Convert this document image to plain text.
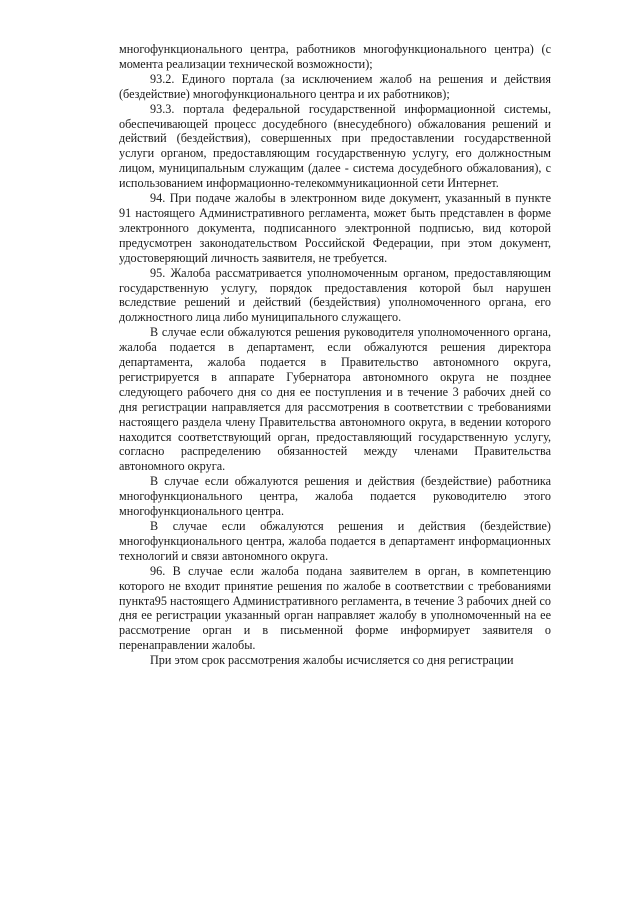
многофункционального центра, работников многофункционального центра) (с момента реализации технической возможности);

93.2. Единого портала (за исключением жалоб на решения и действия (бездействие) многофункционального центра и их работников);

93.3. портала федеральной государственной информационной системы, обеспечивающей процесс досудебного (внесудебного) обжалования решений и действий (бездействия), совершенных при предоставлении государственной услуги органом, предоставляющим государственную услугу, его должностным лицом, муниципальным служащим (далее - система досудебного обжалования), с использованием информационно-телекоммуникационной сети Интернет.

94. При подаче жалобы в электронном виде документ, указанный в пункте 91 настоящего Административного регламента, может быть представлен в форме электронного документа, подписанного электронной подписью, вид которой предусмотрен законодательством Российской Федерации, при этом документ, удостоверяющий личность заявителя, не требуется.

95. Жалоба рассматривается уполномоченным органом, предоставляющим государственную услугу, порядок предоставления которой был нарушен вследствие решений и действий (бездействия) уполномоченного органа, его должностного лица либо муниципального служащего.

В случае если обжалуются решения руководителя уполномоченного органа, жалоба подается в департамент, если обжалуются решения директора департамента, жалоба подается в Правительство автономного округа, регистрируется в аппарате Губернатора автономного округа не позднее следующего рабочего дня со дня ее поступления и в течение 3 рабочих дней со дня регистрации направляется для рассмотрения в соответствии с требованиями настоящего раздела члену Правительства автономного округа, в ведении которого находится соответствующий орган, предоставляющий государственную услугу, согласно распределению обязанностей между членами Правительства автономного округа.

В случае если обжалуются решения и действия (бездействие) работника многофункционального центра, жалоба подается руководителю этого многофункционального центра.

В случае если обжалуются решения и действия (бездействие) многофункционального центра, жалоба подается в департамент информационных технологий и связи автономного округа.

96. В случае если жалоба подана заявителем в орган, в компетенцию которого не входит принятие решения по жалобе в соответствии с требованиями пункта95 настоящего Административного регламента, в течение 3 рабочих дней со дня ее регистрации указанный орган направляет жалобу в уполномоченный на ее рассмотрение орган и в письменной форме информирует заявителя о перенаправлении жалобы.

При этом срок рассмотрения жалобы исчисляется со дня регистрации
